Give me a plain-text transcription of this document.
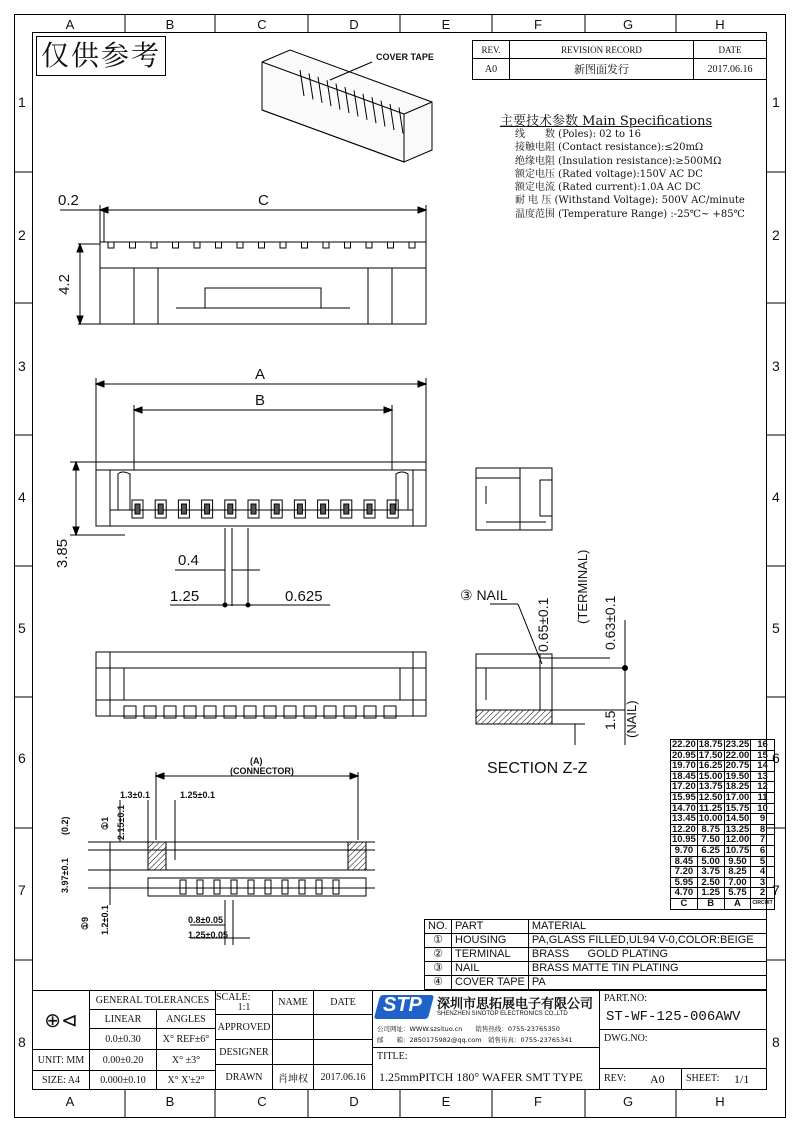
A	B	C	D	E	F	G	H
A	B	C	D	E	F	G	H
1
2
3
4
5
6
7
8
1
2
3
4
5
6
7
8
仅供参考	REV.	REVISION RECORD	DATE
A0	新图面发行	2017.06.16
主要技术参数 Main Specifications
线　　数 (Poles): 02 to 16
接触电阻 (Contact resistance):≤20mΩ
绝缘电阻 (Insulation resistance):≥500MΩ
额定电压 (Rated voltage):150V AC DC
额定电流 (Rated current):1.0A AC DC
耐 电 压 (Withstand Voltage): 500V AC/minute
温度范围 (Temperature Range) :-25℃~ +85℃
COVER TAPE
0.2	C
4.2
A
B
3.85	0.4
1.25	0.625	③ NAIL
0.65±0.1
(TERMINAL) 0.63±0.1
1.5 (NAIL)
SECTION Z-Z
(A)
(CONNECTOR)
1.3±0.1	1.25±0.1
①1 2.15±0.1
(0.2)
3.97±0.1
①9 1.2±0.1	0.8±0.05
1.25±0.05
22.20	18.75	23.25	16
20.95	17.50	22.00	15
19.70	16.25	20.75	14
18.45	15.00	19.50	13
17.20	13.75	18.25	12
15.95	12.50	17.00	11
14.70	11.25	15.75	10
13.45	10.00	14.50	9
12.20	8.75	13.25	8
10.95	7.50	12.00	7
9.70	6.25	10.75	6
8.45	5.00	9.50	5
7.20	3.75	8.25	4
5.95	2.50	7.00	3
4.70	1.25	5.75	2
C	B	A	CIRCUIT
NO.	PART	MATERIAL
①	HOUSING	PA,GLASS FILLED,UL94 V-0,COLOR:BEIGE
②	TERMINAL	BRASS      GOLD PLATING
③	NAIL	BRASS MATTE TIN PLATING
④	COVER TAPE	PA
⊕⊲
GENERAL TOLERANCES
LINEAR	ANGLES
0.0±0.30	X° REF±6°
UNIT: MM	0.00±0.20	X° ±3°
SIZE: A4	0.000±0.10	X° X'±2°
SCALE:
1:1	NAME	DATE
APPROVED
DESIGNER
DRAWN	肖坤权	2017.06.16
STP 深圳市思拓展电子有限公司
SHENZHEN SINOTOP ELECTRONICS CO.,LTD
公司网址：WWW.szsituo.cn　　销售热线：0755-23765350
邮　　箱：2850175982@qq.com　销售传真：0755-23765341
TITLE:
1.25mmPITCH 180° WAFER SMT TYPE
PART.NO:
ST-WF-125-006AWV
DWG.NO:
REV: A0 SHEET: 1/1
